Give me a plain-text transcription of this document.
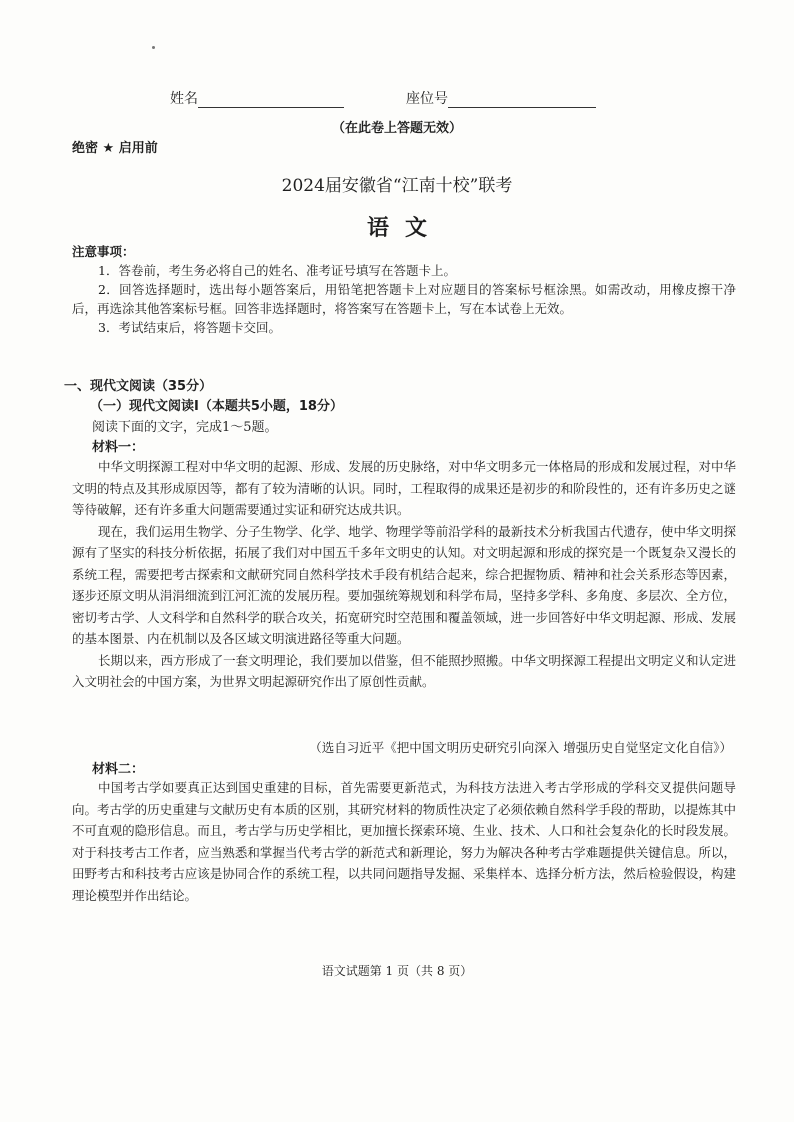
姓名	座位号
（在此卷上答题无效）
绝密 ★ 启用前
2024届安徽省“江南十校”联考
语文
注意事项：
1．答卷前，考生务必将自己的姓名、准考证号填写在答题卡上。
2．回答选择题时，选出每小题答案后，用铅笔把答题卡上对应题目的答案标号框涂黑。如需改动，用橡皮擦干净后，再选涂其他答案标号框。回答非选择题时，将答案写在答题卡上，写在本试卷上无效。
3．考试结束后，将答题卡交回。
一、现代文阅读（35分）
（一）现代文阅读Ⅰ（本题共5小题，18分）
阅读下面的文字，完成1～5题。
材料一：

中华文明探源工程对中华文明的起源、形成、发展的历史脉络，对中华文明多元一体格局的形成和发展过程，对中华文明的特点及其形成原因等，都有了较为清晰的认识。同时，工程取得的成果还是初步的和阶段性的，还有许多历史之谜等待破解，还有许多重大问题需要通过实证和研究达成共识。

现在，我们运用生物学、分子生物学、化学、地学、物理学等前沿学科的最新技术分析我国古代遗存，使中华文明探源有了坚实的科技分析依据，拓展了我们对中国五千多年文明史的认知。对文明起源和形成的探究是一个既复杂又漫长的系统工程，需要把考古探索和文献研究同自然科学技术手段有机结合起来，综合把握物质、精神和社会关系形态等因素，逐步还原文明从涓涓细流到江河汇流的发展历程。要加强统筹规划和科学布局，坚持多学科、多角度、多层次、全方位，密切考古学、人文科学和自然科学的联合攻关，拓宽研究时空范围和覆盖领域，进一步回答好中华文明起源、形成、发展的基本图景、内在机制以及各区域文明演进路径等重大问题。

长期以来，西方形成了一套文明理论，我们要加以借鉴，但不能照抄照搬。中华文明探源工程提出文明定义和认定进入文明社会的中国方案，为世界文明起源研究作出了原创性贡献。

（选自习近平《把中国文明历史研究引向深入 增强历史自觉坚定文化自信》）
材料二：

中国考古学如要真正达到国史重建的目标，首先需要更新范式，为科技方法进入考古学形成的学科交叉提供问题导向。考古学的历史重建与文献历史有本质的区别，其研究材料的物质性决定了必须依赖自然科学手段的帮助，以提炼其中不可直观的隐形信息。而且，考古学与历史学相比，更加擅长探索环境、生业、技术、人口和社会复杂化的长时段发展。对于科技考古工作者，应当熟悉和掌握当代考古学的新范式和新理论，努力为解决各种考古学难题提供关键信息。所以，田野考古和科技考古应该是协同合作的系统工程，以共同问题指导发掘、采集样本、选择分析方法，然后检验假设，构建理论模型并作出结论。

语文试题第 1 页（共 8 页）
